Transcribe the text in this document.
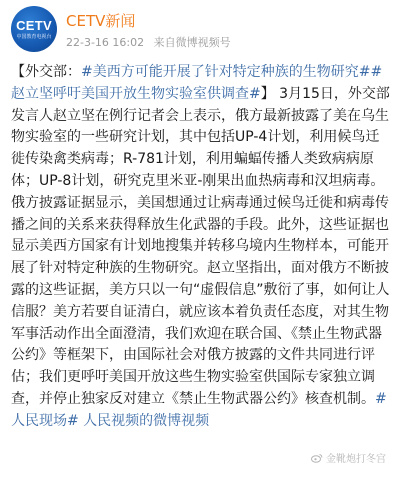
CETV
中国教育电视台
CETV新闻
22-3-16 16:02 来自微博视频号
【外交部：#美西方可能开展了针对特定种族的生物研究##赵立坚呼吁美国开放生物实验室供调查#】 3月15日，外交部发言人赵立坚在例行记者会上表示，俄方最新披露了美在乌生物实验室的一些研究计划，其中包括UP-4计划，利用候鸟迁徙传染禽类病毒；R-781计划，利用蝙蝠传播人类致病病原体；UP-8计划，研究克里米亚-刚果出血热病毒和汉坦病毒。俄方披露证据显示，美国想通过让病毒通过候鸟迁徙和病毒传播之间的关系来获得释放生化武器的手段。此外，这些证据也显示美西方国家有计划地搜集并转移乌境内生物样本，可能开展了针对特定种族的生物研究。赵立坚指出，面对俄方不断披露的这些证据，美方只以一句“虚假信息”敷衍了事，如何让人信服？美方若要自证清白，就应该本着负责任态度，对其生物军事活动作出全面澄清，我们欢迎在联合国、《禁止生物武器公约》等框架下，由国际社会对俄方披露的文件共同进行评估；我们更呼吁美国开放这些生物实验室供国际专家独立调查，并停止独家反对建立《禁止生物武器公约》核查机制。#人民现场# 人民视频的微博视频
金靴炮打冬宫
